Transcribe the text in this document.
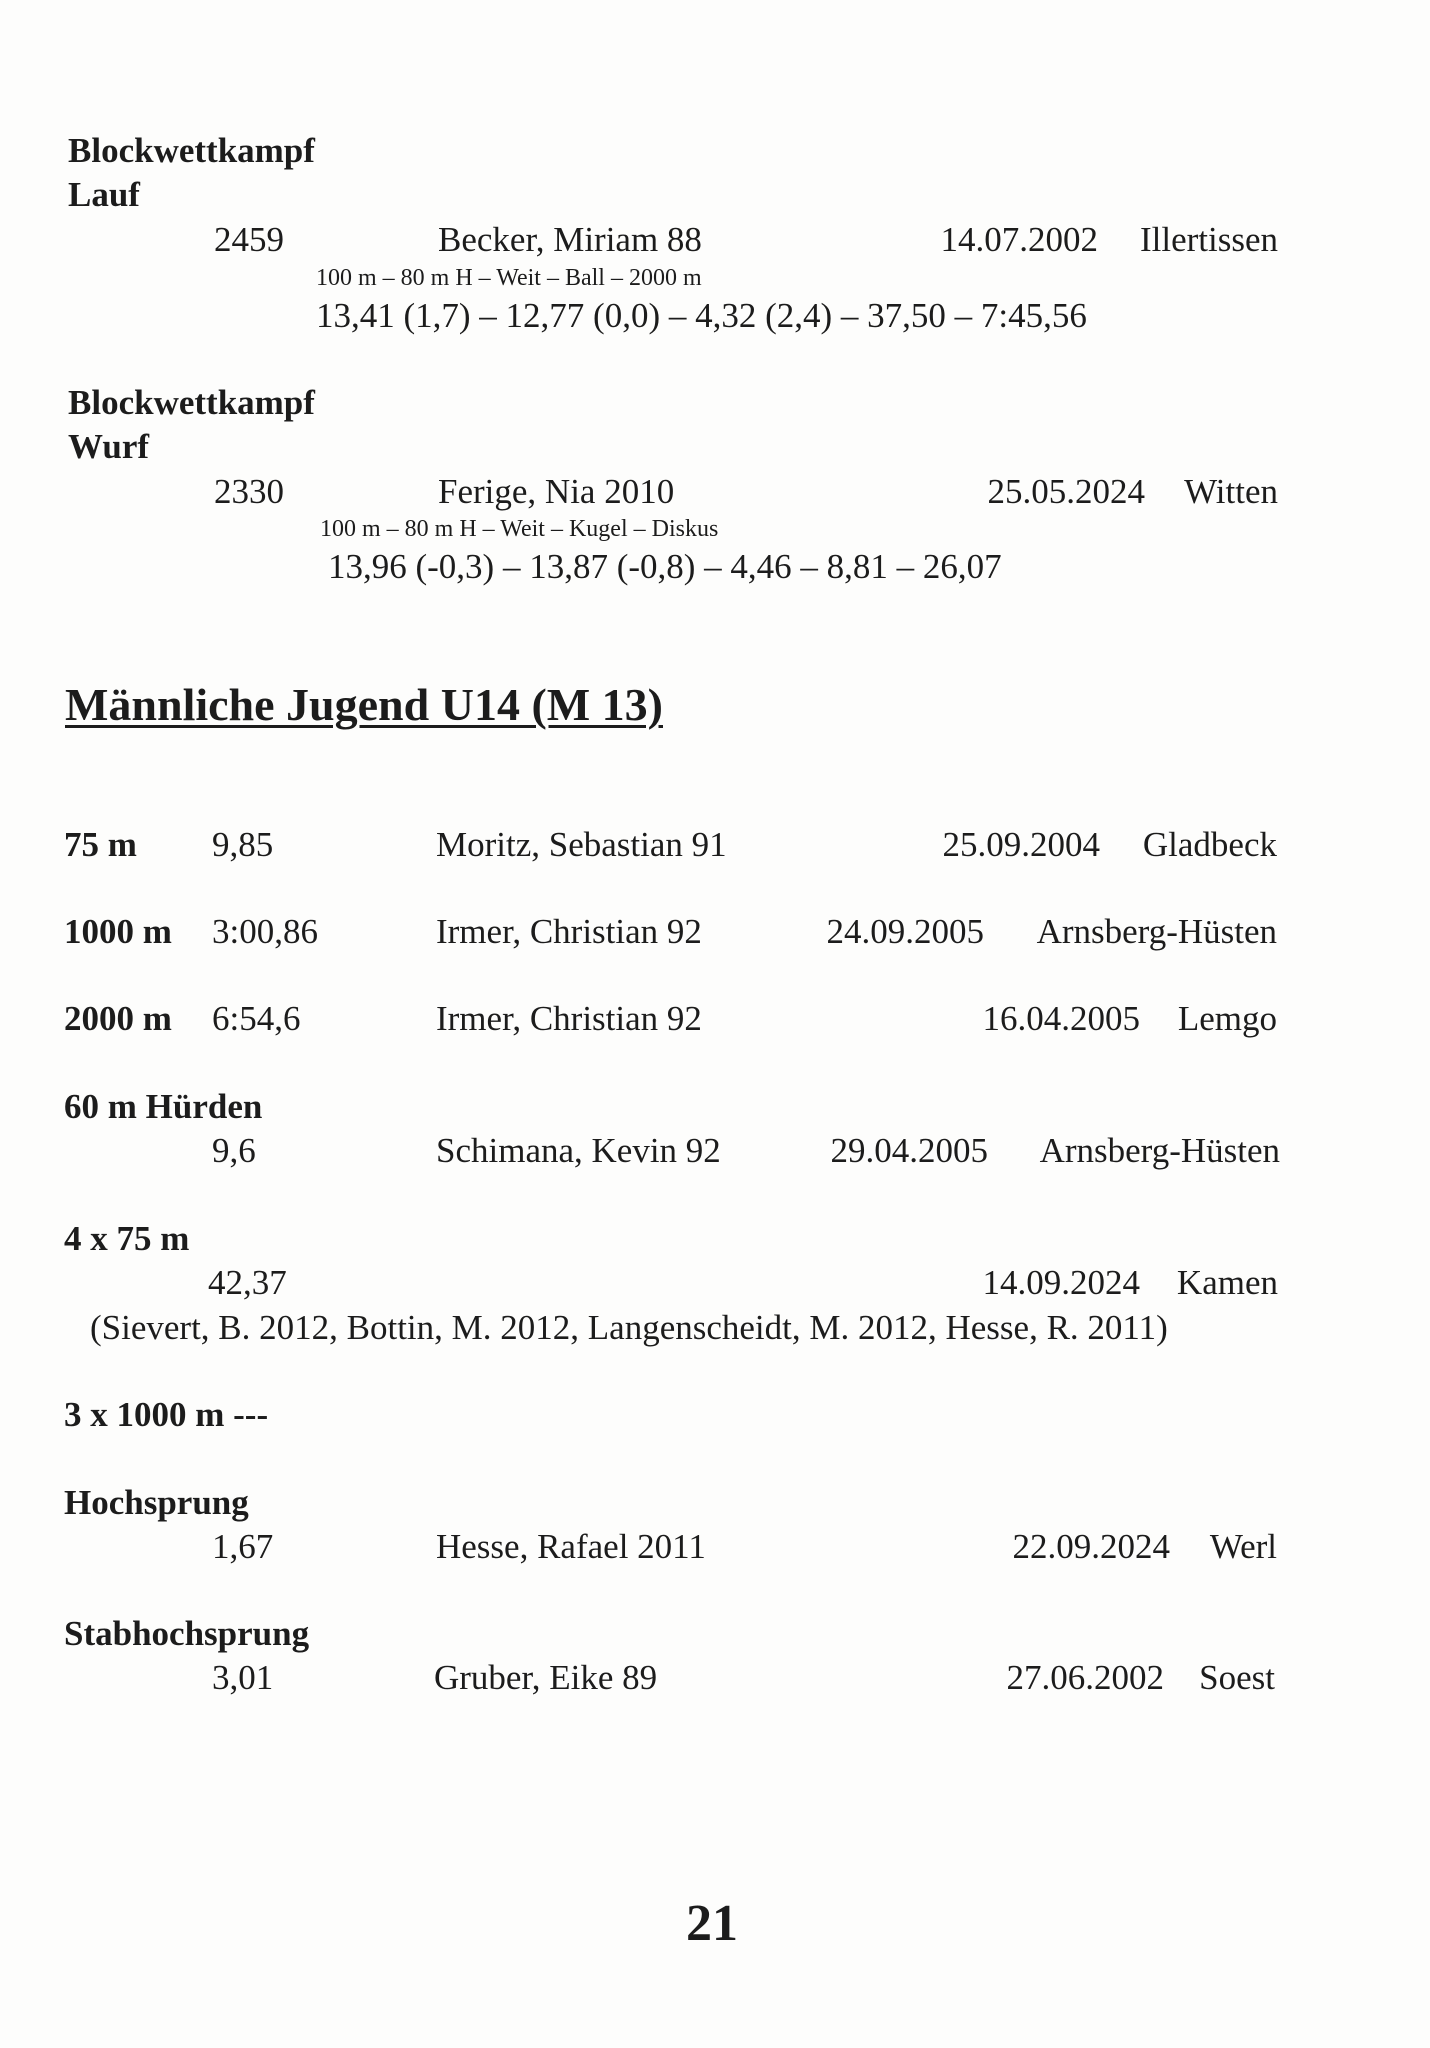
Blockwettkampf
Lauf
2459	Becker, Miriam 88	14.07.2002	Illertissen
100 m – 80 m H – Weit – Ball – 2000 m
13,41 (1,7) – 12,77 (0,0) – 4,32 (2,4) – 37,50 – 7:45,56
Blockwettkampf
Wurf
2330	Ferige, Nia 2010	25.05.2024	Witten
100 m – 80 m H – Weit – Kugel – Diskus
13,96 (-0,3) – 13,87 (-0,8) – 4,46 – 8,81 – 26,07
Männliche Jugend U14 (M 13)
75 m 9,85	Moritz, Sebastian 91	25.09.2004	Gladbeck
1000 m 3:00,86	Irmer, Christian 92	24.09.2005	Arnsberg-Hüsten
2000 m 6:54,6	Irmer, Christian 92	16.04.2005	Lemgo
60 m Hürden
9,6	Schimana, Kevin 92	29.04.2005	Arnsberg-Hüsten
4 x 75 m
42,37	14.09.2024	Kamen
(Sievert, B. 2012, Bottin, M. 2012, Langenscheidt, M. 2012, Hesse, R. 2011)
3 x 1000 m ---
Hochsprung
1,67	Hesse, Rafael 2011	22.09.2024	Werl
Stabhochsprung
3,01	Gruber, Eike 89	27.06.2002	Soest
21
